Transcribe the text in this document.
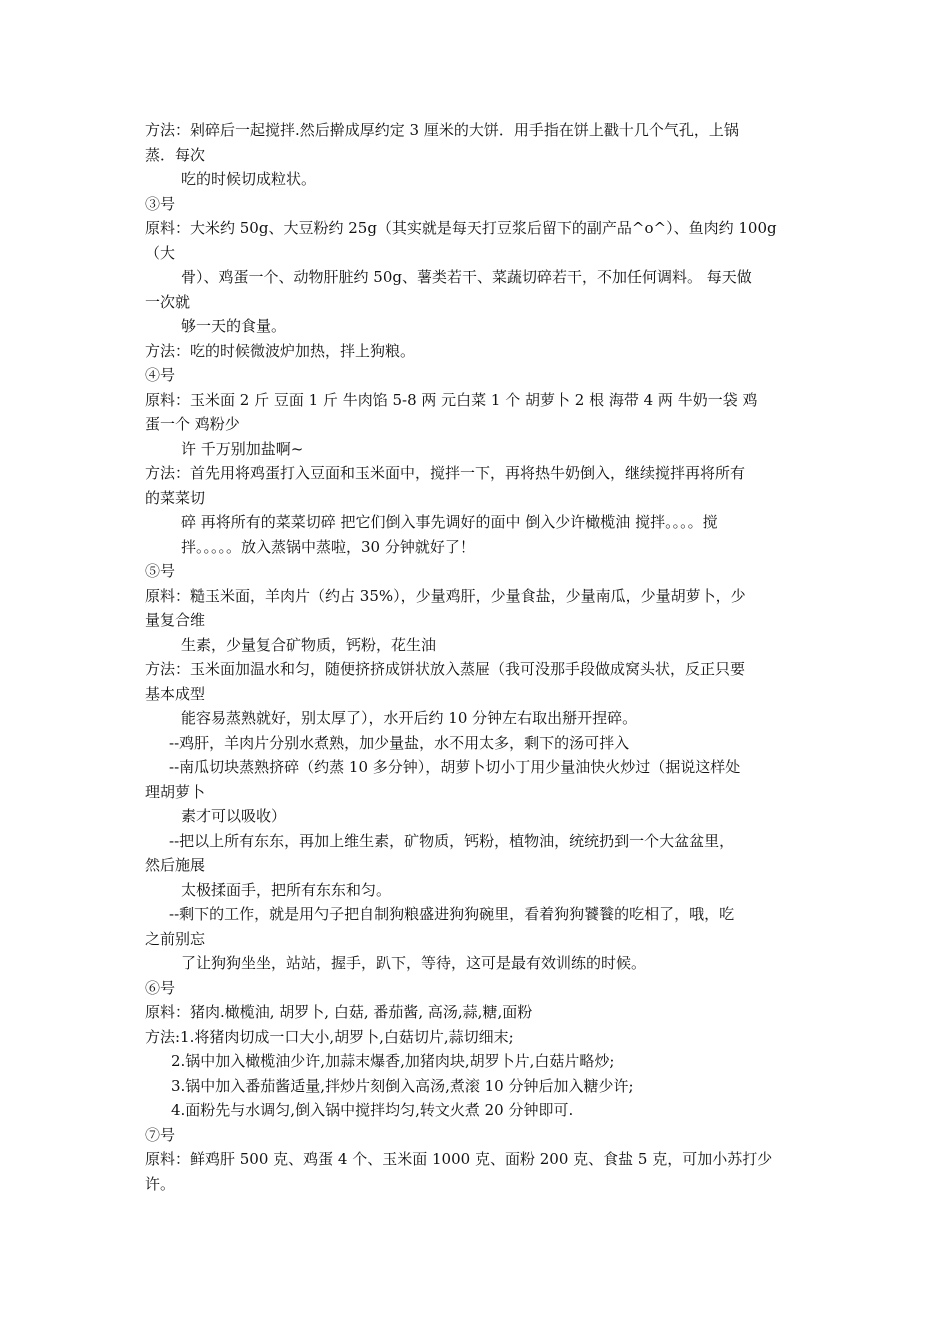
方法：剁碎后一起搅拌.然后擀成厚约定 3 厘米的大饼．用手指在饼上戳十几个气孔，上锅
蒸．每次
吃的时候切成粒状。
③号
原料：大米约 50g、大豆粉约 25g（其实就是每天打豆浆后留下的副产品^o^）、鱼肉约 100g
（大
骨）、鸡蛋一个、动物肝脏约 50g、薯类若干、菜蔬切碎若干，不加任何调料。 每天做
一次就
够一天的食量。
方法：吃的时候微波炉加热，拌上狗粮。
④号
原料：玉米面 2 斤 豆面 1 斤 牛肉馅 5-8 两 元白菜 1 个 胡萝卜 2 根 海带 4 两 牛奶一袋 鸡
蛋一个 鸡粉少
许 千万别加盐啊~
方法：首先用将鸡蛋打入豆面和玉米面中，搅拌一下，再将热牛奶倒入，继续搅拌再将所有
的菜菜切
碎 再将所有的菜菜切碎 把它们倒入事先调好的面中 倒入少许橄榄油 搅拌。。。。搅
拌。。。。。放入蒸锅中蒸啦，30 分钟就好了！
⑤号
原料：糙玉米面，羊肉片（约占 35%），少量鸡肝，少量食盐，少量南瓜，少量胡萝卜，少
量复合维
生素，少量复合矿物质，钙粉，花生油
方法：玉米面加温水和匀，随便挤挤成饼状放入蒸屉（我可没那手段做成窝头状，反正只要
基本成型
能容易蒸熟就好，别太厚了），水开后约 10 分钟左右取出掰开捏碎。
--鸡肝，羊肉片分别水煮熟，加少量盐，水不用太多，剩下的汤可拌入
--南瓜切块蒸熟挤碎（约蒸 10 多分钟），胡萝卜切小丁用少量油快火炒过（据说这样处
理胡萝卜
素才可以吸收）
--把以上所有东东，再加上维生素，矿物质，钙粉，植物油，统统扔到一个大盆盆里，
然后施展
太极揉面手，把所有东东和匀。
--剩下的工作，就是用勺子把自制狗粮盛进狗狗碗里，看着狗狗饕餮的吃相了，哦，吃
之前别忘
了让狗狗坐坐，站站，握手，趴下，等待，这可是最有效训练的时候。
⑥号
原料：猪肉.橄榄油, 胡罗卜, 白菇, 番茄酱, 高汤,蒜,糖,面粉
方法:1.将猪肉切成一口大小,胡罗卜,白菇切片,蒜切细末;
2.锅中加入橄榄油少许,加蒜末爆香,加猪肉块,胡罗卜片,白菇片略炒;
3.锅中加入番茄酱适量,拌炒片刻倒入高汤,煮滚 10 分钟后加入糖少许;
4.面粉先与水调匀,倒入锅中搅拌均匀,转文火煮 20 分钟即可.
⑦号
原料：鲜鸡肝 500 克、鸡蛋 4 个、玉米面 1000 克、面粉 200 克、食盐 5 克，可加小苏打少
许。
